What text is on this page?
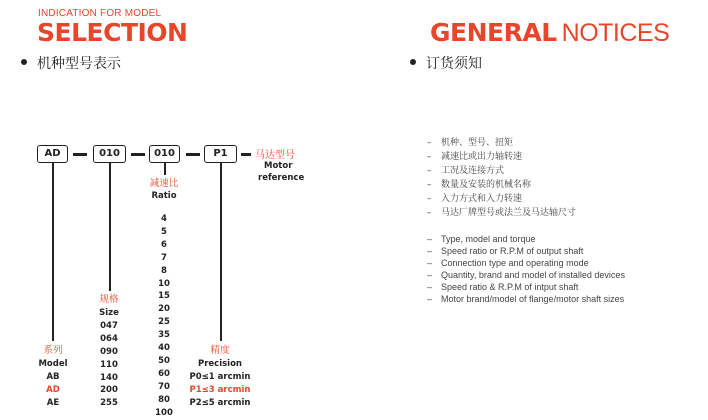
INDICATION FOR MODEL
SELECTION
机种型号表示
GENERAL NOTICES
订货须知
AD	010	010	P1	马达型号
Motor
reference
减速比
Ratio
4
5
6
7
8
10
15
20
25
35
40
50
60
70
80
100
规格
Size
047
064
090
110
140
200
255
系列
Model
AB
AD
AE
精度
Precision
P0≤1 arcmin
P1≤3 arcmin
P2≤5 arcmin
– 机种、型号、扭矩
– 减速比或出力轴转速
– 工况及连接方式
– 数量及安装的机械名称
– 入力方式和入力转速
– 马达厂牌型号或法兰及马达轴尺寸
– Type, model and torque
– Speed ratio or R.P.M of output shaft
– Connection type and operating mode
– Quantity, brand and model of installed devices
– Speed ratio & R.P.M of intput shaft
– Motor brand/model of flange/motor shaft sizes
